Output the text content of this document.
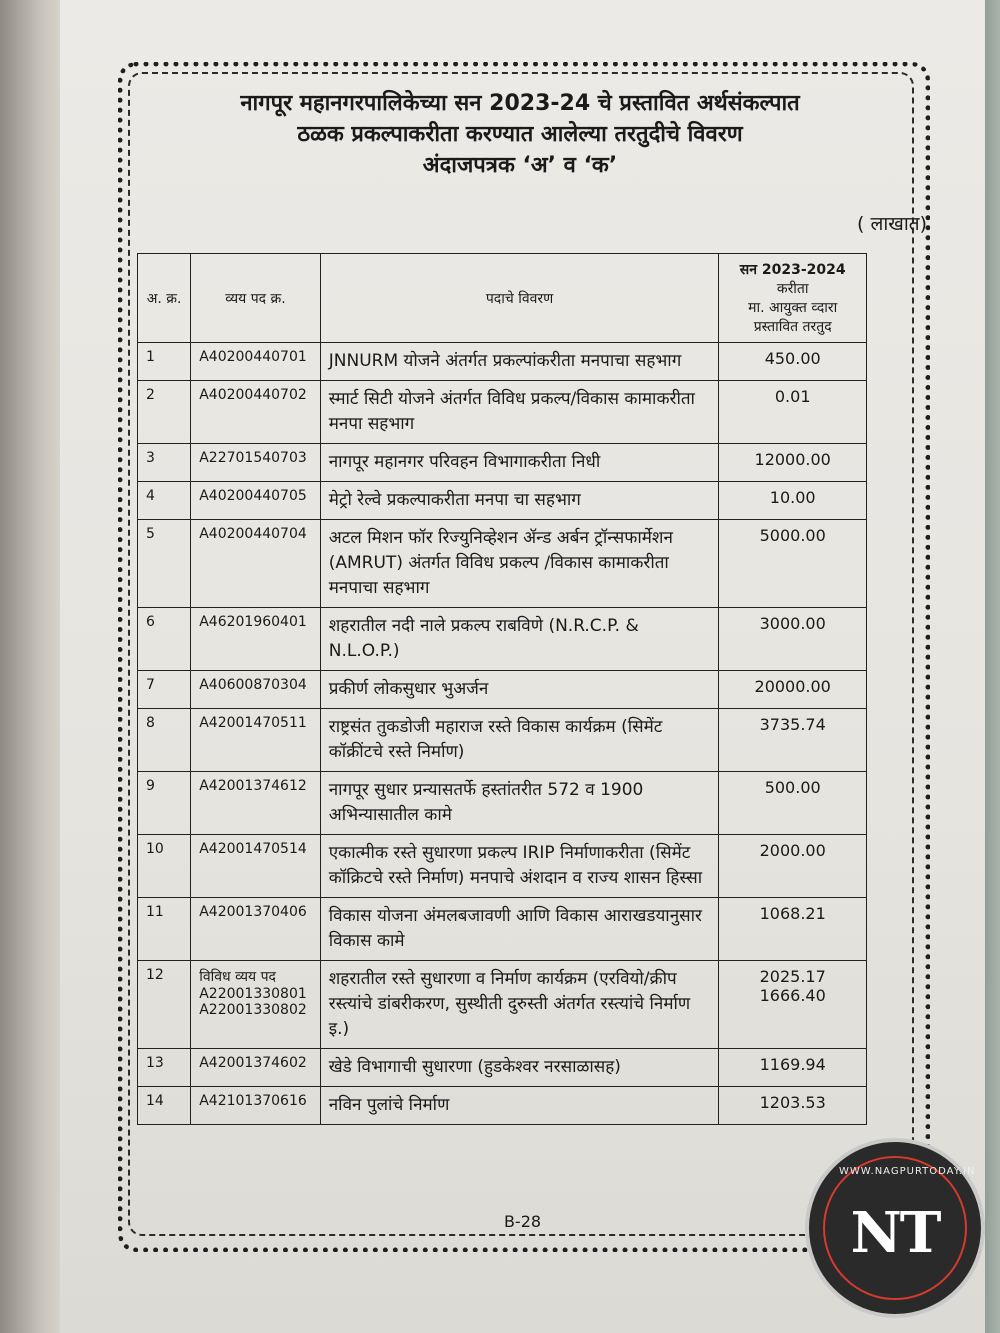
नागपूर महानगरपालिकेच्या सन 2023-24 चे प्रस्तावित अर्थसंकल्पात
ठळक प्रकल्पाकरीता करण्यात आलेल्या तरतुदीचे विवरण
अंदाजपत्रक ‘अ’ व ‘क’
( लाखात)
अ. क्र.	व्यय पद क्र.	पदाचे विवरण	सन 2023-2024
करीता
मा. आयुक्त व्दारा प्रस्तावित तरतुद

1	A40200440701	JNNURM योजने अंतर्गत प्रकल्पांकरीता मनपाचा सहभाग	450.00
2	A40200440702	स्मार्ट सिटी योजने अंतर्गत विविध प्रकल्प/विकास कामाकरीता मनपा सहभाग	0.01
3	A22701540703	नागपूर महानगर परिवहन विभागाकरीता निधी	12000.00
4	A40200440705	मेट्रो रेल्वे प्रकल्पाकरीता मनपा चा सहभाग	10.00
5	A40200440704	अटल मिशन फॉर रिज्युनिव्हेशन ॲन्ड अर्बन ट्रॉन्सफार्मेशन (AMRUT) अंतर्गत विविध प्रकल्प /विकास कामाकरीता मनपाचा सहभाग	5000.00
6	A46201960401	शहरातील नदी नाले प्रकल्प राबविणे (N.R.C.P. & N.L.O.P.)	3000.00
7	A40600870304	प्रकीर्ण लोकसुधार भुअर्जन	20000.00
8	A42001470511	राष्ट्रसंत तुकडोजी महाराज रस्ते विकास कार्यक्रम (सिमेंट कॉक्रींटचे रस्ते निर्माण)	3735.74
9	A42001374612	नागपूर सुधार प्रन्यासतर्फे हस्तांतरीत 572 व 1900 अभिन्यासातील कामे	500.00
10	A42001470514	एकात्मीक रस्ते सुधारणा प्रकल्प IRIP निर्माणाकरीता (सिमेंट कॉक्रिटचे रस्ते निर्माण) मनपाचे अंशदान व राज्य शासन हिस्सा	2000.00
11	A42001370406	विकास योजना अंमलबजावणी आणि विकास आराखडयानुसार विकास कामे	1068.21
12	विविध व्यय पद A22001330801 A22001330802	शहरातील रस्ते सुधारणा व निर्माण कार्यक्रम (एरवियो/क्रीप रस्त्यांचे डांबरीकरण, सुस्थीती दुरुस्ती अंतर्गत रस्त्यांचे निर्माण इ.)	2025.17 1666.40
13	A42001374602	खेडे विभागाची सुधारणा (हुडकेश्वर नरसाळासह)	1169.94
14	A42101370616	नविन पुलांचे निर्माण	1203.53
B-28	NT
WWW.NAGPURTODAY.IN
